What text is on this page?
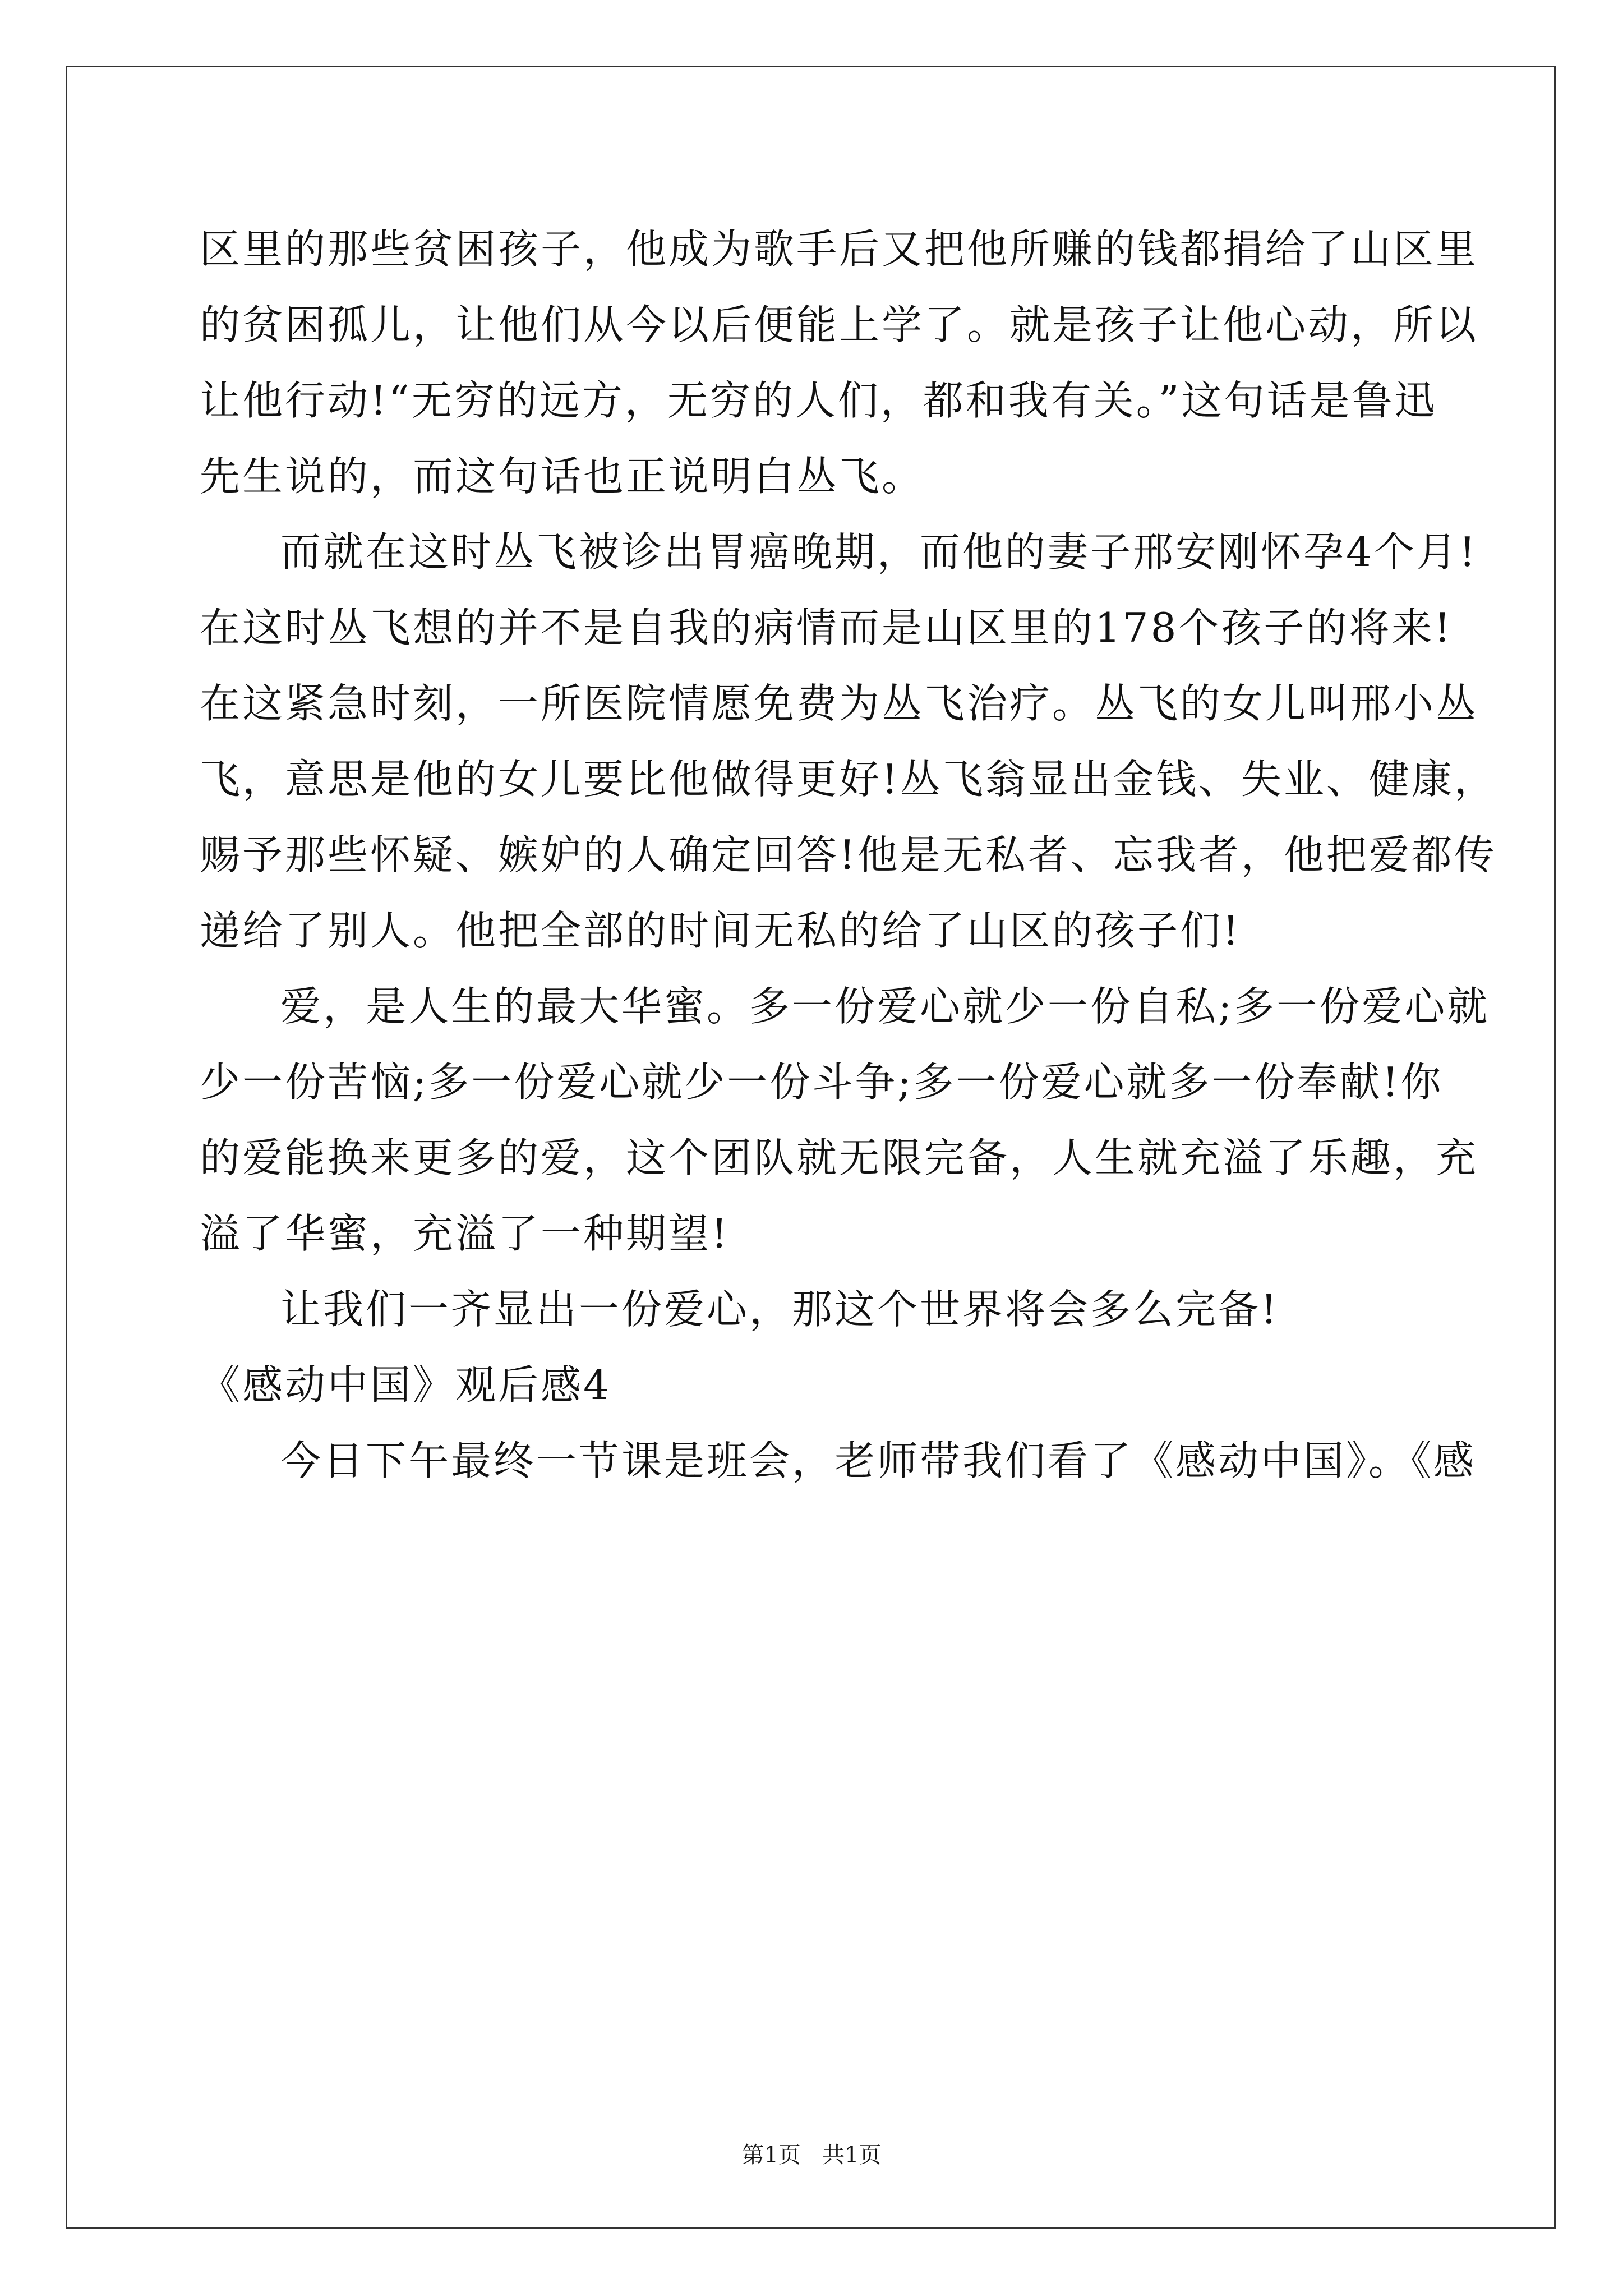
区里的那些贫困孩子，他成为歌手后又把他所赚的钱都捐给了山区里
的贫困孤儿，让他们从今以后便能上学了。就是孩子让他心动，所以
让他行动!“无穷的远方，无穷的人们，都和我有关。”这句话是鲁迅
先生说的，而这句话也正说明白丛飞。
而就在这时丛飞被诊出胃癌晚期，而他的妻子邢安刚怀孕4个月!
在这时丛飞想的并不是自我的病情而是山区里的178个孩子的将来!
在这紧急时刻，一所医院情愿免费为丛飞治疗。丛飞的女儿叫邢小丛
飞，意思是他的女儿要比他做得更好!丛飞翁显出金钱、失业、健康，
赐予那些怀疑、嫉妒的人确定回答!他是无私者、忘我者，他把爱都传
递给了别人。他把全部的时间无私的给了山区的孩子们!
爱，是人生的最大华蜜。多一份爱心就少一份自私;多一份爱心就
少一份苦恼;多一份爱心就少一份斗争;多一份爱心就多一份奉献!你
的爱能换来更多的爱，这个团队就无限完备，人生就充溢了乐趣，充
溢了华蜜，充溢了一种期望!
让我们一齐显出一份爱心，那这个世界将会多么完备!
《感动中国》观后感4
今日下午最终一节课是班会，老师带我们看了《感动中国》。《感
第1页   共1页
